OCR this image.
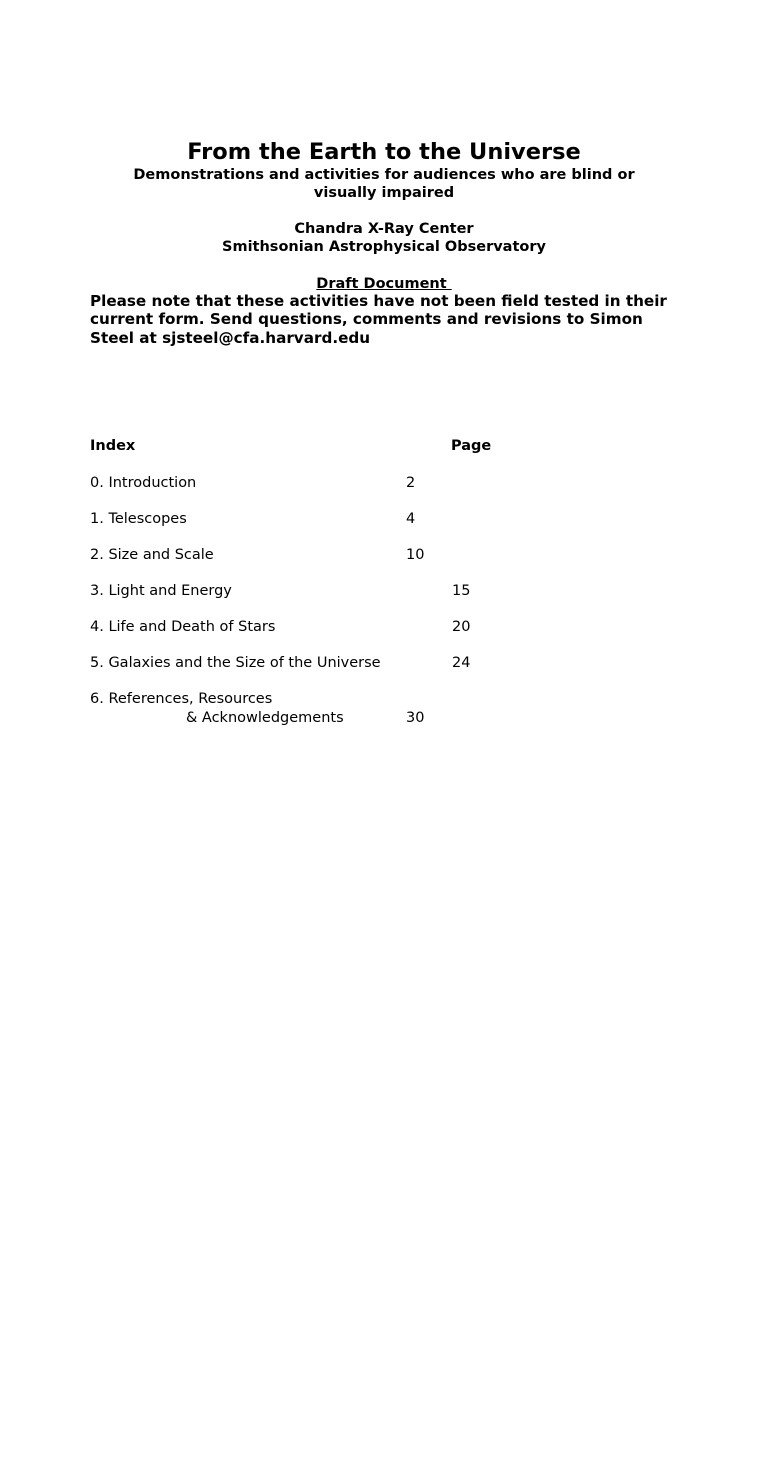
From the Earth to the Universe

Demonstrations and activities for audiences who are blind or visually impaired

Chandra X-Ray Center
Smithsonian Astrophysical Observatory
Draft Document

Please note that these activities have not been field tested in their current form. Send questions, comments and revisions to Simon Steel at sjsteel@cfa.harvard.edu

Index	Page
0. Introduction	2
1. Telescopes	4
2. Size and Scale	10
3. Light and Energy	15
4. Life and Death of Stars	20
5. Galaxies and the Size of the Universe	24
6. References, Resources
& Acknowledgements	30
